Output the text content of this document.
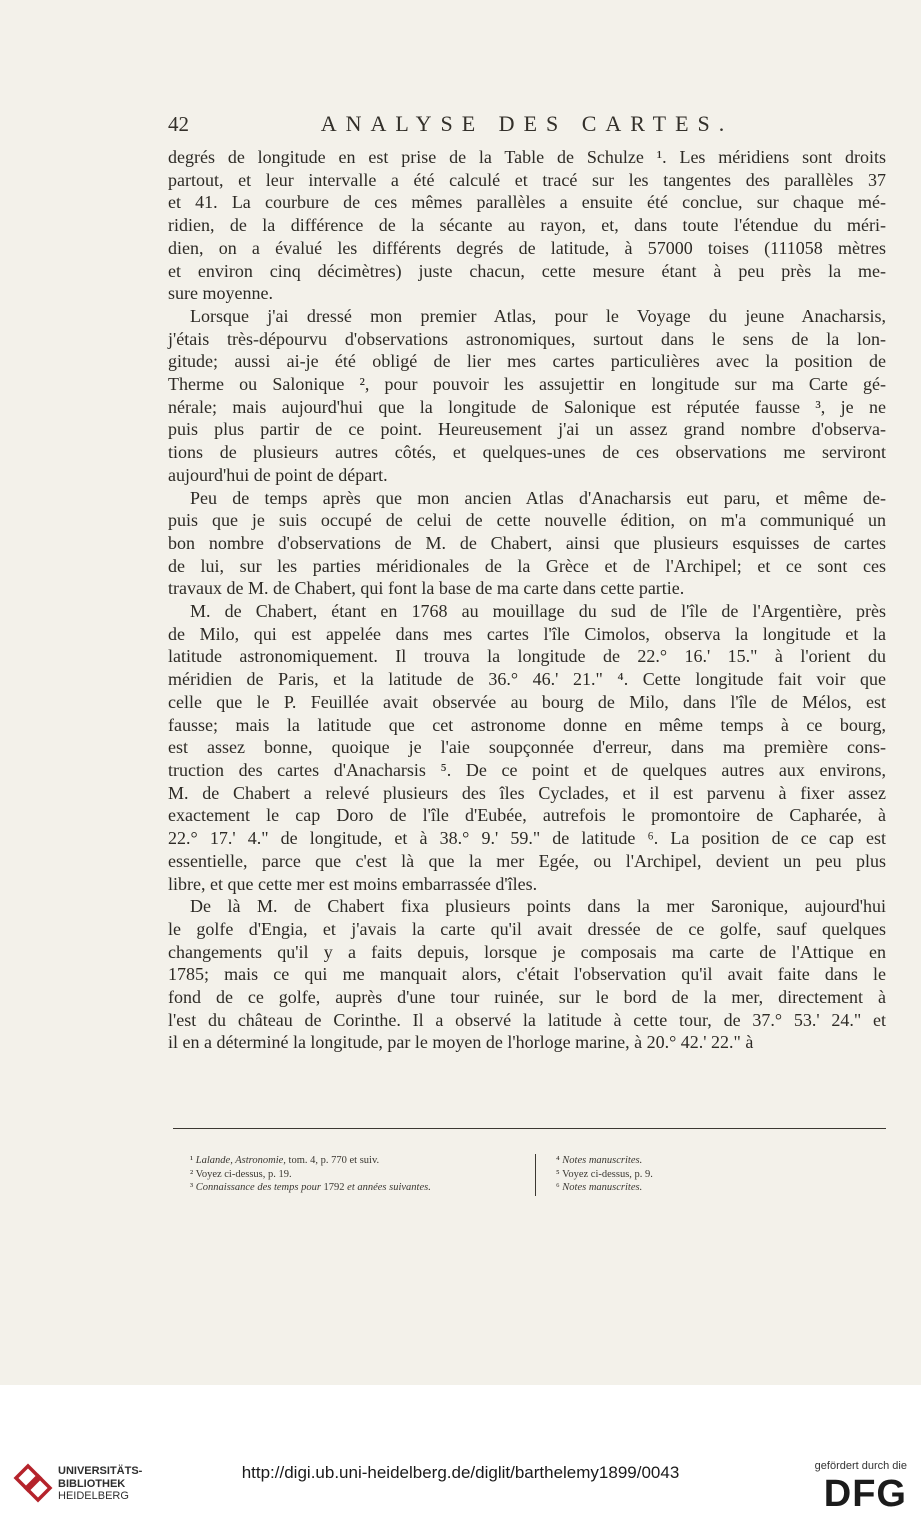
42	ANALYSE DES CARTES.

degrés de longitude en est prise de la Table de Schulze ¹. Les méridiens sont droits
partout, et leur intervalle a été calculé et tracé sur les tangentes des parallèles 37
et 41. La courbure de ces mêmes parallèles a ensuite été conclue, sur chaque mé-
ridien, de la différence de la sécante au rayon, et, dans toute l'étendue du méri-
dien, on a évalué les différents degrés de latitude, à 57000 toises (111058 mètres
et environ cinq décimètres) juste chacun, cette mesure étant à peu près la me-
sure moyenne.

Lorsque j'ai dressé mon premier Atlas, pour le Voyage du jeune Anacharsis,
j'étais très-dépourvu d'observations astronomiques, surtout dans le sens de la lon-
gitude; aussi ai-je été obligé de lier mes cartes particulières avec la position de
Therme ou Salonique ², pour pouvoir les assujettir en longitude sur ma Carte gé-
nérale; mais aujourd'hui que la longitude de Salonique est réputée fausse ³, je ne
puis plus partir de ce point. Heureusement j'ai un assez grand nombre d'observa-
tions de plusieurs autres côtés, et quelques-unes de ces observations me serviront
aujourd'hui de point de départ.

Peu de temps après que mon ancien Atlas d'Anacharsis eut paru, et même de-
puis que je suis occupé de celui de cette nouvelle édition, on m'a communiqué un
bon nombre d'observations de M. de Chabert, ainsi que plusieurs esquisses de cartes
de lui, sur les parties méridionales de la Grèce et de l'Archipel; et ce sont ces
travaux de M. de Chabert, qui font la base de ma carte dans cette partie.

M. de Chabert, étant en 1768 au mouillage du sud de l'île de l'Argentière, près
de Milo, qui est appelée dans mes cartes l'île Cimolos, observa la longitude et la
latitude astronomiquement. Il trouva la longitude de 22.° 16.' 15." à l'orient du
méridien de Paris, et la latitude de 36.° 46.' 21." ⁴. Cette longitude fait voir que
celle que le P. Feuillée avait observée au bourg de Milo, dans l'île de Mélos, est
fausse; mais la latitude que cet astronome donne en même temps à ce bourg,
est assez bonne, quoique je l'aie soupçonnée d'erreur, dans ma première cons-
truction des cartes d'Anacharsis ⁵. De ce point et de quelques autres aux environs,
M. de Chabert a relevé plusieurs des îles Cyclades, et il est parvenu à fixer assez
exactement le cap Doro de l'île d'Eubée, autrefois le promontoire de Capharée, à
22.° 17.' 4." de longitude, et à 38.° 9.' 59." de latitude ⁶. La position de ce cap est
essentielle, parce que c'est là que la mer Egée, ou l'Archipel, devient un peu plus
libre, et que cette mer est moins embarrassée d'îles.

De là M. de Chabert fixa plusieurs points dans la mer Saronique, aujourd'hui
le golfe d'Engia, et j'avais la carte qu'il avait dressée de ce golfe, sauf quelques
changements qu'il y a faits depuis, lorsque je composais ma carte de l'Attique en
1785; mais ce qui me manquait alors, c'était l'observation qu'il avait faite dans le
fond de ce golfe, auprès d'une tour ruinée, sur le bord de la mer, directement à
l'est du château de Corinthe. Il a observé la latitude à cette tour, de 37.° 53.' 24." et
il en a déterminé la longitude, par le moyen de l'horloge marine, à 20.° 42.' 22." à

¹ Lalande, Astronomie, tom. 4, p. 770 et suiv.
² Voyez ci-dessus, p. 19.
³ Connaissance des temps pour 1792 et années suivantes.
⁴ Notes manuscrites.
⁵ Voyez ci-dessus, p. 9.
⁶ Notes manuscrites.
UNIVERSITÄTS-
BIBLIOTHEK
HEIDELBERG
http://digi.ub.uni-heidelberg.de/diglit/barthelemy1899/0043	gefördert durch die
DFG
